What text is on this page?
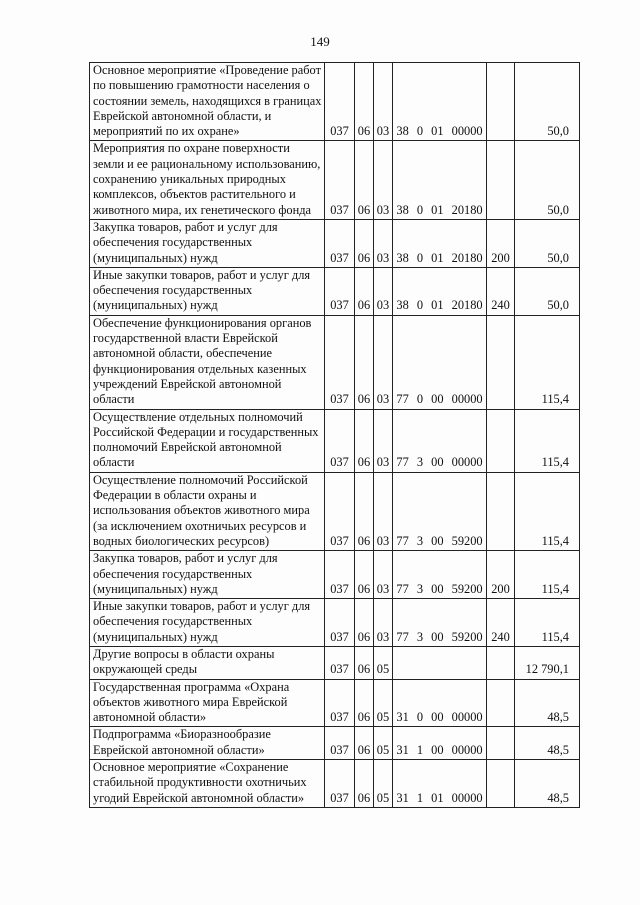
149
Основное мероприятие «Проведение работ по повышению грамотности населения о состоянии земель, находящихся в границах Еврейской автономной области, и мероприятий по их охране»	037	06	03	38 0 01 00000		50,0
Мероприятия по охране поверхности земли и ее рациональному использованию, сохранению уникальных природных комплексов, объектов растительного и животного мира, их генетического фонда	037	06	03	38 0 01 20180		50,0
Закупка товаров, работ и услуг для обеспечения государственных (муниципальных) нужд	037	06	03	38 0 01 20180	200	50,0
Иные закупки товаров, работ и услуг для обеспечения государственных (муниципальных) нужд	037	06	03	38 0 01 20180	240	50,0
Обеспечение функционирования органов государственной власти Еврейской автономной области, обеспечение функционирования отдельных казенных учреждений Еврейской автономной области	037	06	03	77 0 00 00000		115,4
Осуществление отдельных полномочий Российской Федерации и государственных полномочий Еврейской автономной области	037	06	03	77 3 00 00000		115,4
Осуществление полномочий Российской Федерации в области охраны и использования объектов животного мира (за исключением охотничьих ресурсов и водных биологических ресурсов)	037	06	03	77 3 00 59200		115,4
Закупка товаров, работ и услуг для обеспечения государственных (муниципальных) нужд	037	06	03	77 3 00 59200	200	115,4
Иные закупки товаров, работ и услуг для обеспечения государственных (муниципальных) нужд	037	06	03	77 3 00 59200	240	115,4
Другие вопросы в области охраны окружающей среды	037	06	05			12 790,1
Государственная программа «Охрана объектов животного мира Еврейской автономной области»	037	06	05	31 0 00 00000		48,5
Подпрограмма «Биоразнообразие Еврейской автономной области»	037	06	05	31 1 00 00000		48,5
Основное мероприятие «Сохранение стабильной продуктивности охотничьих угодий Еврейской автономной области»	037	06	05	31 1 01 00000		48,5
